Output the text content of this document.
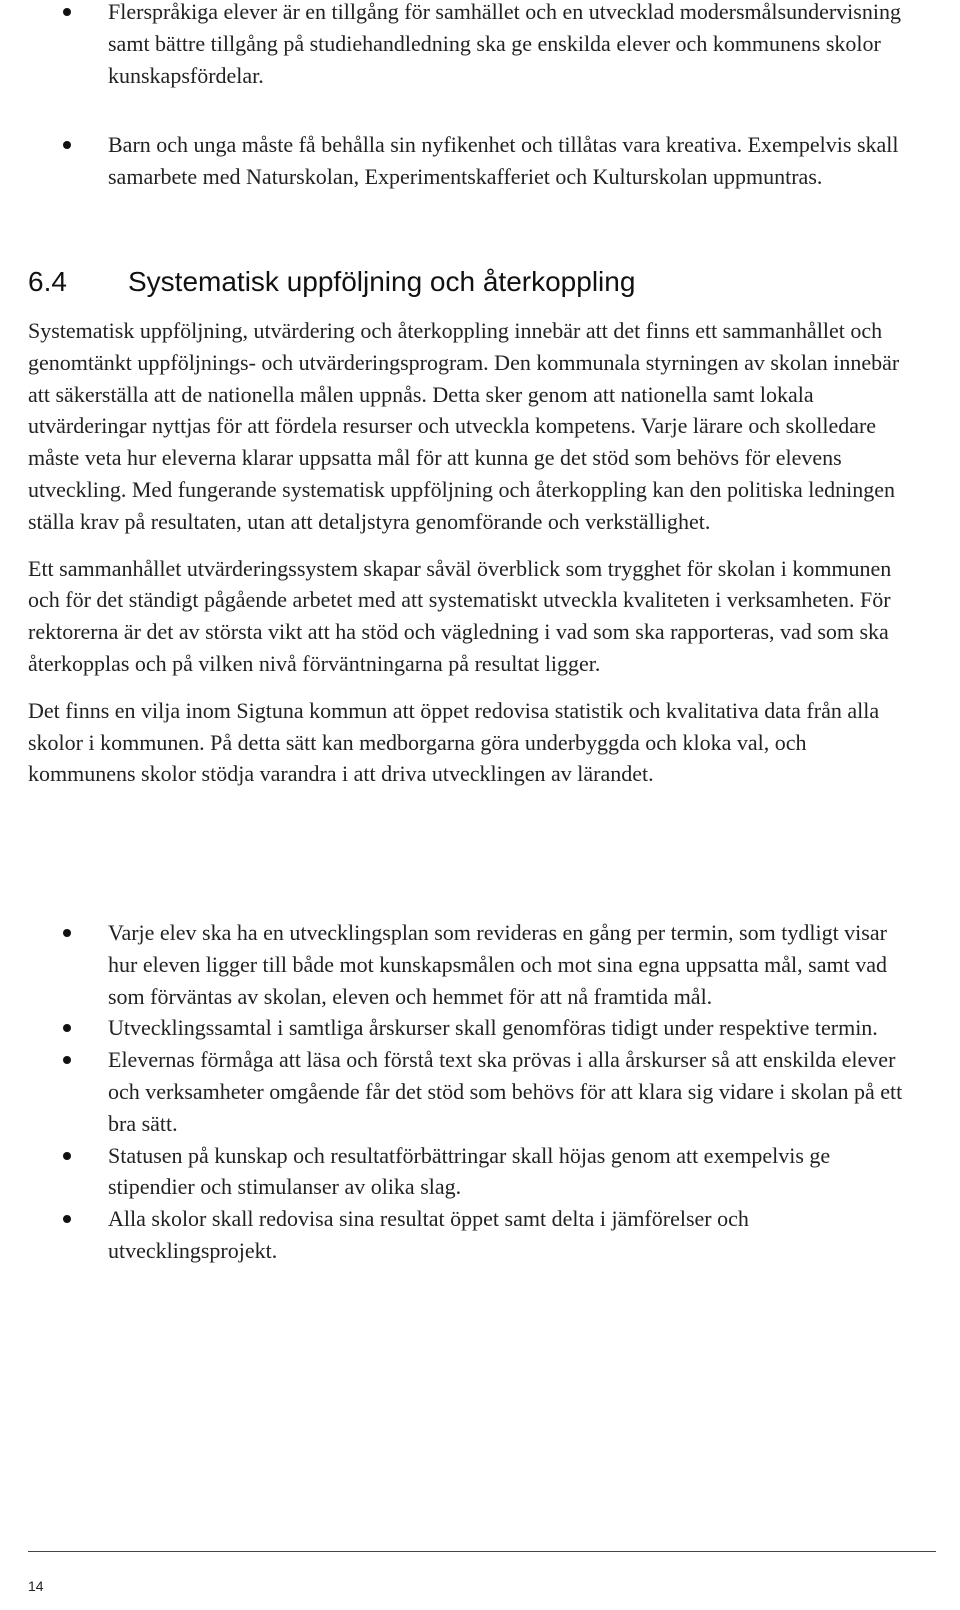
Flerspråkiga elever är en tillgång för samhället och en utvecklad modersmålsundervisning samt bättre tillgång på studiehandledning ska ge enskilda elever och kommunens skolor kunskapsfördelar.
Barn och unga måste få behålla sin nyfikenhet och tillåtas vara kreativa. Exempelvis skall samarbete med Naturskolan, Experimentskafferiet och Kulturskolan uppmuntras.
6.4 Systematisk uppföljning och återkoppling

Systematisk uppföljning, utvärdering och återkoppling innebär att det finns ett sammanhållet och genomtänkt uppföljnings- och utvärderingsprogram. Den kommunala styrningen av skolan innebär att säkerställa att de nationella målen uppnås. Detta sker genom att nationella samt lokala utvärderingar nyttjas för att fördela resurser och utveckla kompetens. Varje lärare och skolledare måste veta hur eleverna klarar uppsatta mål för att kunna ge det stöd som behövs för elevens utveckling. Med fungerande systematisk uppföljning och återkoppling kan den politiska ledningen ställa krav på resultaten, utan att detaljstyra genomförande och verkställighet.

Ett sammanhållet utvärderingssystem skapar såväl överblick som trygghet för skolan i kommunen och för det ständigt pågående arbetet med att systematiskt utveckla kvaliteten i verksamheten. För rektorerna är det av största vikt att ha stöd och vägledning i vad som ska rapporteras, vad som ska återkopplas och på vilken nivå förväntningarna på resultat ligger.

Det finns en vilja inom Sigtuna kommun att öppet redovisa statistik och kvalitativa data från alla skolor i kommunen. På detta sätt kan medborgarna göra underbyggda och kloka val, och kommunens skolor stödja varandra i att driva utvecklingen av lärandet.

Varje elev ska ha en utvecklingsplan som revideras en gång per termin, som tydligt visar hur eleven ligger till både mot kunskapsmålen och mot sina egna uppsatta mål, samt vad som förväntas av skolan, eleven och hemmet för att nå framtida mål.
Utvecklingssamtal i samtliga årskurser skall genomföras tidigt under respektive termin.
Elevernas förmåga att läsa och förstå text ska prövas i alla årskurser så att enskilda elever och verksamheter omgående får det stöd som behövs för att klara sig vidare i skolan på ett bra sätt.
Statusen på kunskap och resultatförbättringar skall höjas genom att exempelvis ge stipendier och stimulanser av olika slag.
Alla skolor skall redovisa sina resultat öppet samt delta i jämförelser och utvecklingsprojekt.
14
